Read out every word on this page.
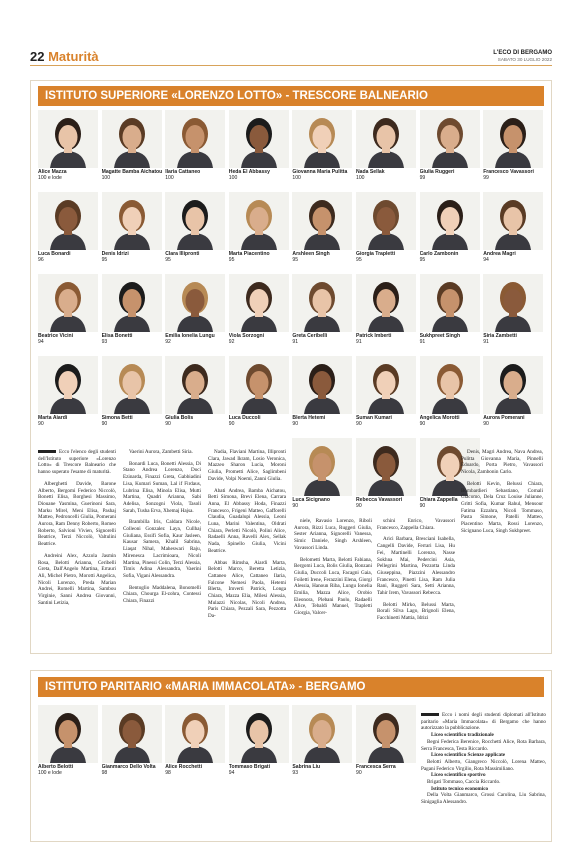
22 Maturità	L'ECO DI BERGAMO
SABATO 30 LUGLIO 2022
ISTITUTO SUPERIORE «LORENZO LOTTO» - TRESCORE BALNEARIO
Alice Mazza
100 e lode
Magatte Bamba Aichatou
100
Ilaria Cattaneo
100
Heda El Abbassy
100
Giovanna Maria Pulitta
100
Nada Sellak
100
Giulia Ruggeri
99
Francesco Vavassori
99
Luca Bonardi
96
Denis Idrizi
95
Clara Illipronti
95
Marta Piacentino
95
Arshleen Singh
95
Giorgia Trapletti
95
Carlo Zambonin
95
Andrea Magri
94
Beatrice Vicini
94
Elisa Bonetti
93
Emilia Ionelia Lungu
92
Viola Sorzogni
92
Greta Ceribelli
91
Patrick Imberti
91
Sukhpreet Singh
91
Siria Zambetti
91
Marta Aiardi
90
Simona Betti
90
Giulia Bolis
90
Luca Duccoli
90
Blerta Hetemi
90
Suman Kumari
90
Angelica Morotti
90
Aurora Pomerani
90
Luca Sicignano
90
Rebecca Vavassori
90
Chiara Zappella
90

Ecco l'elenco degli studenti dell'Istituto superiore «Lorenzo Lotto» di Trescore Balneario che hanno superato l'esame di maturità.

Alberghetti Davide, Barone Alberto, Bergomi Federico Niccolò, Bonetti Elisa, Borghesi Massimo, Diouane Yasmina, Guerinoni Sara, Marku Mirel, Meni Elisa, Pashaj Matteo, Pedroncelli Giulia, Pomerani Aurora, Ram Denny Roberto, Romeo Roberto, Salvioni Vivien, Signorelli Beatrice, Terzi Niccolò, Valtulini Beatrice.

Andreini Alex, Azzola Jasmin Rosa, Belotti Arianna, Ceribelli Greta, Dall'Angelo Martina, Errauri Ali, Michel Pietro, Morotti Angelica, Nicoli Lorenzo, Preda Marian Andrei, Romelli Martina, Sambou Virginie, Sanni Andrea Giovanni, Santini Letizia,

Vaerini Aurora, Zambetti Siria.

Bonardi Luca, Bonetti Alessia, Di Stano Andrea Lorenzo, Doci Ezinarda, Finazzi Greta, Gabbiadini Lisa, Kumari Suman, Lal if Firdaus, Lubrina Elisa, Minola Elisa, Mutti Martina, Quadri Arianna, Sabi Adelisa, Sonzogni Viola, Tasoli Sarah, Tusha Erva, Xhemaj Hajsa.

Brambilla Iris, Caldara Nicole, Colleoni Gonzalez Laya, Cullhaj Giuliana, Essifi Sofia, Kaur Jasleen, Kausar Samera, Khalil Sabrina, Liaqat Nihal, Maheswari Raju, Mirenesca Lacrimioara, Nicoli Martina, Pinessi Colin, Terzi Alessia, Timis Adina Alessandra, Vaerini Sofia, Vigani Alessandra.

Bentoglio Maddalena, Bonomelli Chiara, Chourga El-zohra, Contessi Chiara, Finazzi

Nadia, Flaviani Martina, Illipronti Clara, Jawad Ikram, Losio Veronica, Mazzeo Sharon Lucia, Moroni Giulia, Prometti Alice, Saglimbeni Davide, Volpi Noemi, Zanni Giulia.

Abati Andrea, Bamba Aichatou, Betti Simona, Brevi Elena, Carrara Anna, El Abbassy Hoda, Finazzi Francesco, Frigeni Matteo, Gafforelli Claudia, Guadalupi Alessia, Leoni Luna, Marini Valentina, Oldrati Chiara, Perletti Nicolò, Polini Alice, Radaelli Anna, Ravelli Alex, Sellak Nada, Spinello Giulia, Vicini Beatrice.

Abbas Rimsha, Aiardi Marta, Belotti Marco, Beretta Letizia, Cattaneo Alice, Cattaneo Ilaria, Falcone Nemesi Paola, Hetemi Blerta, Imverti Patrick, Longa Chiara, Mazza Elia, Milesi Alessia, Mulazzi Nicolas, Nicoli Andrea, Paris Chiara, Pezzali Sara, Pezzotta Da-

niele, Ravasio Lorenzo, Riboli Aurora, Rizzi Luca, Ruggeri Giulia, Sester Arianna, Signorelli Vanessa, Simic Daniele, Singh Arshleen, Vavassori Linda.

Belometti Marta, Belotti Fabiana, Bergomi Luca, Bolis Giulia, Bonzani Giulia, Duccoli Luca, Facagni Gaia, Foiletti Irene, Ferazzini Elena, Giorgi Alessia, Hanoun Riba, Lungu Ionelia Emilia, Mazza Alice, Orobio Eleonora, Plebani Paolo, Radaelli Alice, Tebaldi Manuel, Trapletti Giorgia, Valcer-

schini Enrico, Vavassori Francesco, Zappella Chiara.

Arici Barbara, Bresciani Isabella, Cangelli Davide, Ferrari Lisa, Hu Fei, Martinelli Lorenzo, Nasse Sokhna Mai, Pedercini Asia, Pellegrini Martina, Pezzotta Linda Giuseppina, Piazzini Alessandro Francesco, Pinetti Lisa, Ram Julia Rani, Ruggeri Sara, Setti Arianna, Tahir Irem, Vavassori Rebecca.

Belotti Mirko, Belussi Marta, Borali Silva Lago, Brignoli Elena, Facchinetti Mattia, Idrizi

Denis, Magri Andrea, Nava Andrea, Pulitta Giovanna Maria, Pinnelli Edoardo, Porta Pietro, Vavassori Nicola, Zambonin Carlo.

Belotti Kevin, Belussi Chiara, Bombardieri Sebastiano, Cornali Giacomo, Dela Cruz Louise Julianne, Gritti Sofia, Kumar Rahul, Mensour Fatima Ezzahra, Nicoli Tommaso, Pasta Simone, Patelli Matteo, Piacentino Marta, Rossi Lorenzo, Sicignano Luca, Singh Sukhpreet.

ISTITUTO PARITARIO «MARIA IMMACOLATA» - BERGAMO
Alberto Belotti
100 e lode
Gianmarco Dello Volta
98
Alice Rocchetti
98
Tommaso Brigati
94
Sabrina Liu
93
Francesca Serra
90

Ecco i nomi degli studenti diplomati all'Istituto paritario «Maria Immacolata» di Bergamo che hanno autorizzato la pubblicazione.

Liceo scientifico tradizionale

Begni Federica Berenice, Rocchetti Alice, Rota Barbara, Serra Francesca, Testa Riccardo.

Liceo scientifico Scienze applicate

Belotti Alberto, Giangreco Niccolò, Lorena Matteo, Pagani Federico Virgilio, Rota Massimiliano.

Liceo scientifico sportivo

Brigati Tommaso, Caccia Riccardo.

Istituto tecnico economico

Della Volta Gianmarco, Grossi Carolina, Liu Sabrina, Sinigaglia Alessandro.
